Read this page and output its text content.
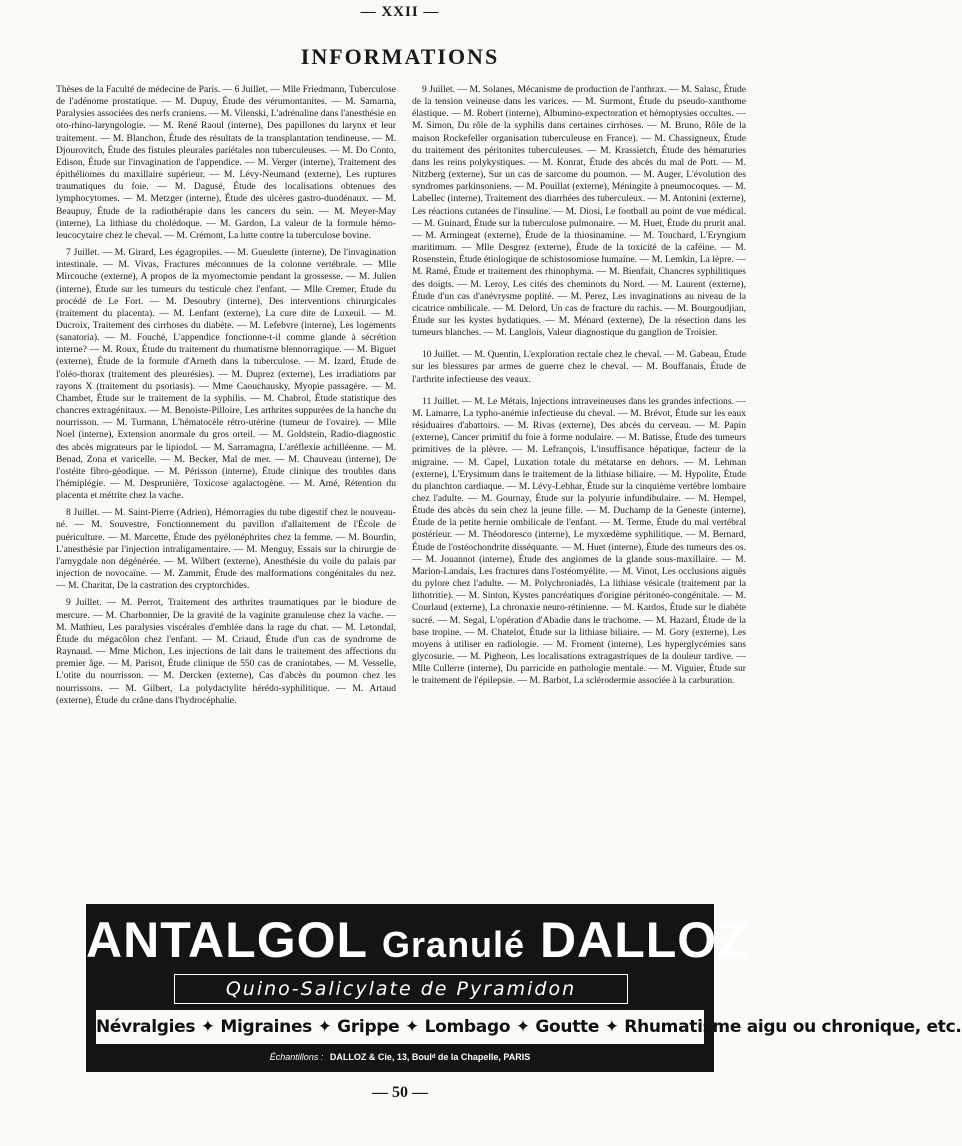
— XXII —
INFORMATIONS

Thèses de la Faculté de médecine de Paris. — 6 Juillet. — Mlle Friedmann, Tuberculose de l'adénome prostatique. — M. Dupuy, Étude des vérumontanites. — M. Samarna, Paralysies associées des nerfs craniens. — M. Vilenski, L'adrénaline dans l'anesthésie en oto-rhino-laryngologie. — M. René Raoul (interne), Des papillones du larynx et leur traitement. — M. Blanchon, Étude des résultats de la transplantation tendineuse. — M. Djourovitch, Étude des fistules pleurales pariétales non tuberculeuses. — M. Do Conto, Edison, Étude sur l'invagination de l'appendice. — M. Verger (interne), Traitement des épithéliomes du maxillaire supérieur. — M. Lévy-Neumand (externe), Les ruptures traumatiques du foie. — M. Dagusé, Étude des localisations obtenues des lymphocytomes. — M. Metzger (interne), Étude des ulcères gastro-duodénaux. — M. Beaupuy, Étude de la radiothérapie dans les cancers du sein. — M. Meyer-May (interne), La lithiase du cholédoque. — M. Gardon, La valeur de la formule hémo-leucocytaire chez le cheval. — M. Crémont, La lutte contre la tuberculose bovine.

7 Juillet. — M. Girard, Les égagropiles. — M. Gueulette (interne), De l'invagination intestinale. — M. Vivas, Fractures méconnues de la colonne vertébrale. — Mlle Mircouche (externe), A propos de la myomectomie pendant la grossesse. — M. Julien (interne), Étude sur les tumeurs du testicule chez l'enfant. — Mlle Cremer, Étude du procédé de Le Fort. — M. Desoubry (interne), Des interventions chirurgicales (traitement du placenta). — M. Lenfant (externe), La cure dite de Luxeuil. — M. Ducroix, Traitement des cirrhoses du diabète. — M. Lefebvre (interne), Les logements (sanatoria). — M. Fouché, L'appendice fonctionne-t-il comme glande à sécrétion interne? — M. Roux, Étude du traitement du rhumatisme blennorragique. — M. Biguet (externe), Étude de la formule d'Arneth dans la tuberculose. — M. Izard, Étude de l'oléo-thorax (traitement des pleurésies). — M. Duprez (externe), Les irradiations par rayons X (traitement du psoriasis). — Mme Caouchausky, Myopie passagère. — M. Chambet, Étude sur le traitement de la syphilis. — M. Chabrol, Étude statistique des chancres extragénitaux. — M. Benoiste-Pilloire, Les arthrites suppurées de la hanche du nourrisson. — M. Turmann, L'hématocèle rétro-utérine (tumeur de l'ovaire). — Mlle Noel (interne), Extension anormale du gros orteil. — M. Goldstein, Radio-diagnostic des abcès migrateurs par le lipiodol. — M. Sarramagna, L'aréflexie achilléenne. — M. Benad, Zona et varicelle. — M. Becker, Mal de mer. — M. Chauveau (interne), De l'ostéite fibro-géodique. — M. Périsson (interne), Étude clinique des troubles dans l'hémiplégie. — M. Desprunière, Toxicose agalactogène. — M. Amé, Rétention du placenta et métrite chez la vache.

8 Juillet. — M. Saint-Pierre (Adrien), Hémorragies du tube digestif chez le nouveau-né. — M. Souvestre, Fonctionnement du pavillon d'allaitement de l'École de puériculture. — M. Marcette, Étude des pyélonéphrites chez la femme. — M. Bourdin, L'anesthésie par l'injection intraligamentaire. — M. Menguy, Essais sur la chirurgie de l'amygdale non dégénérée. — M. Wilbert (externe), Anesthésie du voile du palais par injection de novocaïne. — M. Zammit, Étude des malformations congénitales du nez. — M. Charitat, De la castration des cryptorchides.

9 Juillet. — M. Perrot, Traitement des arthrites traumatiques par le biodure de mercure. — M. Charbonnier, De la gravité de la vaginite granuleuse chez la vache. — M. Mathieu, Les paralysies viscérales d'emblée dans la rage du chat. — M. Letondal, Étude du mégacôlon chez l'enfant. — M. Criaud, Étude d'un cas de syndrome de Raynaud. — Mme Michon, Les injections de lait dans le traitement des affections du premier âge. — M. Parisot, Étude clinique de 550 cas de craniotabes. — M. Vesselle, L'otite du nourrisson. — M. Dercken (externe), Cas d'abcès du poumon chez les nourrissons. — M. Gilbert, La polydactylite hérédo-syphilitique. — M. Artaud (externe), Étude du crâne dans l'hydrocéphalie.

9 Juillet. — M. Solanes, Mécanisme de production de l'anthrax. — M. Salasc, Étude de la tension veineuse dans les varices. — M. Surmont, Étude du pseudo-xanthome élastique. — M. Robert (interne), Albumino-expectoration et hémoptysies occultes. — M. Simon, Du rôle de la syphilis dans certaines cirrhoses. — M. Bruno, Rôle de la maison Rockefeller organisation tuberculeuse en France). — M. Chassigneux, Étude du traitement des péritonites tuberculeuses. — M. Krassietch, Étude des hématuries dans les reins polykystiques. — M. Konrat, Étude des abcès du mal de Pott. — M. Nitzberg (externe), Sur un cas de sarcome du poumon. — M. Auger, L'évolution des syndromes parkinsoniens. — M. Pouillat (externe), Méningite à pneumocoques. — M. Labellec (interne), Traitement des diarrhées des tuberculeux. — M. Antonini (externe), Les réactions cutanées de l'insuline. — M. Diosi, Le football au point de vue médical. — M. Guinard, Étude sur la tuberculose pulmonaire. — M. Huet, Étude du prurit anal. — M. Armingeat (externe), Étude de la thiosinamine. — M. Touchard, L'Eryngium maritimum. — Mlle Desgrez (externe), Étude de la toxicité de la caféine. — M. Rosenstein, Étude étiologique de schistosomiose humaine. — M. Lemkin, La lèpre. — M. Ramé, Étude et traitement des rhinophyma. — M. Bienfait, Chancres syphilitiques des doigts. — M. Leroy, Les cités des cheminots du Nord. — M. Laurent (externe), Étude d'un cas d'anévrysme poplité. — M. Perez, Les invaginations au niveau de la cicatrice ombilicale. — M. Delord, Un cas de fracture du rachis. — M. Bourgoudjian, Étude sur les kystes hydatiques. — M. Ménard (externe), De la résection dans les tumeurs blanches. — M. Langlois, Valeur diagnostique du ganglion de Troisier.

10 Juillet. — M. Quentin, L'exploration rectale chez le cheval. — M. Gabeau, Étude sur les blessures par armes de guerre chez le cheval. — M. Bouffanais, Étude de l'arthrite infectieuse des veaux.

11 Juillet. — M. Le Métais, Injections intraveineuses dans les grandes infections. — M. Lamarre, La typho-anémie infectieuse du cheval. — M. Brévot, Étude sur les eaux résiduaires d'abattoirs. — M. Rivas (externe), Des abcès du cerveau. — M. Papin (externe), Cancer primitif du foie à forme nodulaire. — M. Batisse, Étude des tumeurs primitives de la plèvre. — M. Lefrançois, L'insuffisance hépatique, facteur de la migraine. — M. Capel, Luxation totale du métatarse en dehors. — M. Lehman (externe), L'Erysimum dans le traitement de la lithiase biliaire. — M. Hypolite, Étude du planchton cardiaque. — M. Lévy-Lebhar, Étude sur la cinquième vertèbre lombaire chez l'adulte. — M. Gournay, Étude sur la polyurie infundibulaire. — M. Hempel, Étude des abcès du sein chez la jeune fille. — M. Duchamp de la Geneste (interne), Étude de la petite hernie ombilicale de l'enfant. — M. Terme, Étude du mal vertébral postérieur. — M. Théodoresco (interne), Le myxœdème syphilitique. — M. Bernard, Étude de l'ostéochondrite disséquante. — M. Huet (interne), Étude des tumeurs des os. — M. Jouannot (interne), Étude des angiomes de la glande sous-maxillaire. — M. Marion-Landais, Les fractures dans l'ostéomyélite. — M. Vinot, Les occlusions aiguës du pylore chez l'adulte. — M. Polychroniadès, La lithiase vésicale (traitement par la lithotritie). — M. Sinton, Kystes pancréatiques d'origine péritonéo-congénitale. — M. Courlaud (externe), La chronaxie neuro-rétinienne. — M. Kardos, Étude sur le diabète sucré. — M. Segal, L'opération d'Abadie dans le trachome. — M. Hazard, Étude de la base tropine. — M. Chatelot, Étude sur la lithiase biliaire. — M. Gory (externe), Les moyens à utiliser en radiologie. — M. Froment (interne), Les hyperglycémies sans glycosurie. — M. Pigheon, Les localisations extragastriques de la douleur tardive. — Mlle Cullerre (interne), Du parricide en pathologie mentale. — M. Viguier, Étude sur le traitement de l'épilepsie. — M. Barbot, La sclérodermie associée à la carburation.

ANTALGOL Granulé DALLOZ
Quino-Salicylate de Pyramidon
Névralgies ✦ Migraines ✦ Grippe ✦ Lombago ✦ Goutte ✦ Rhumatisme aigu ou chronique, etc.
Échantillons : DALLOZ & Cie, 13, Boulᵈ de la Chapelle, PARIS
— 50 —
